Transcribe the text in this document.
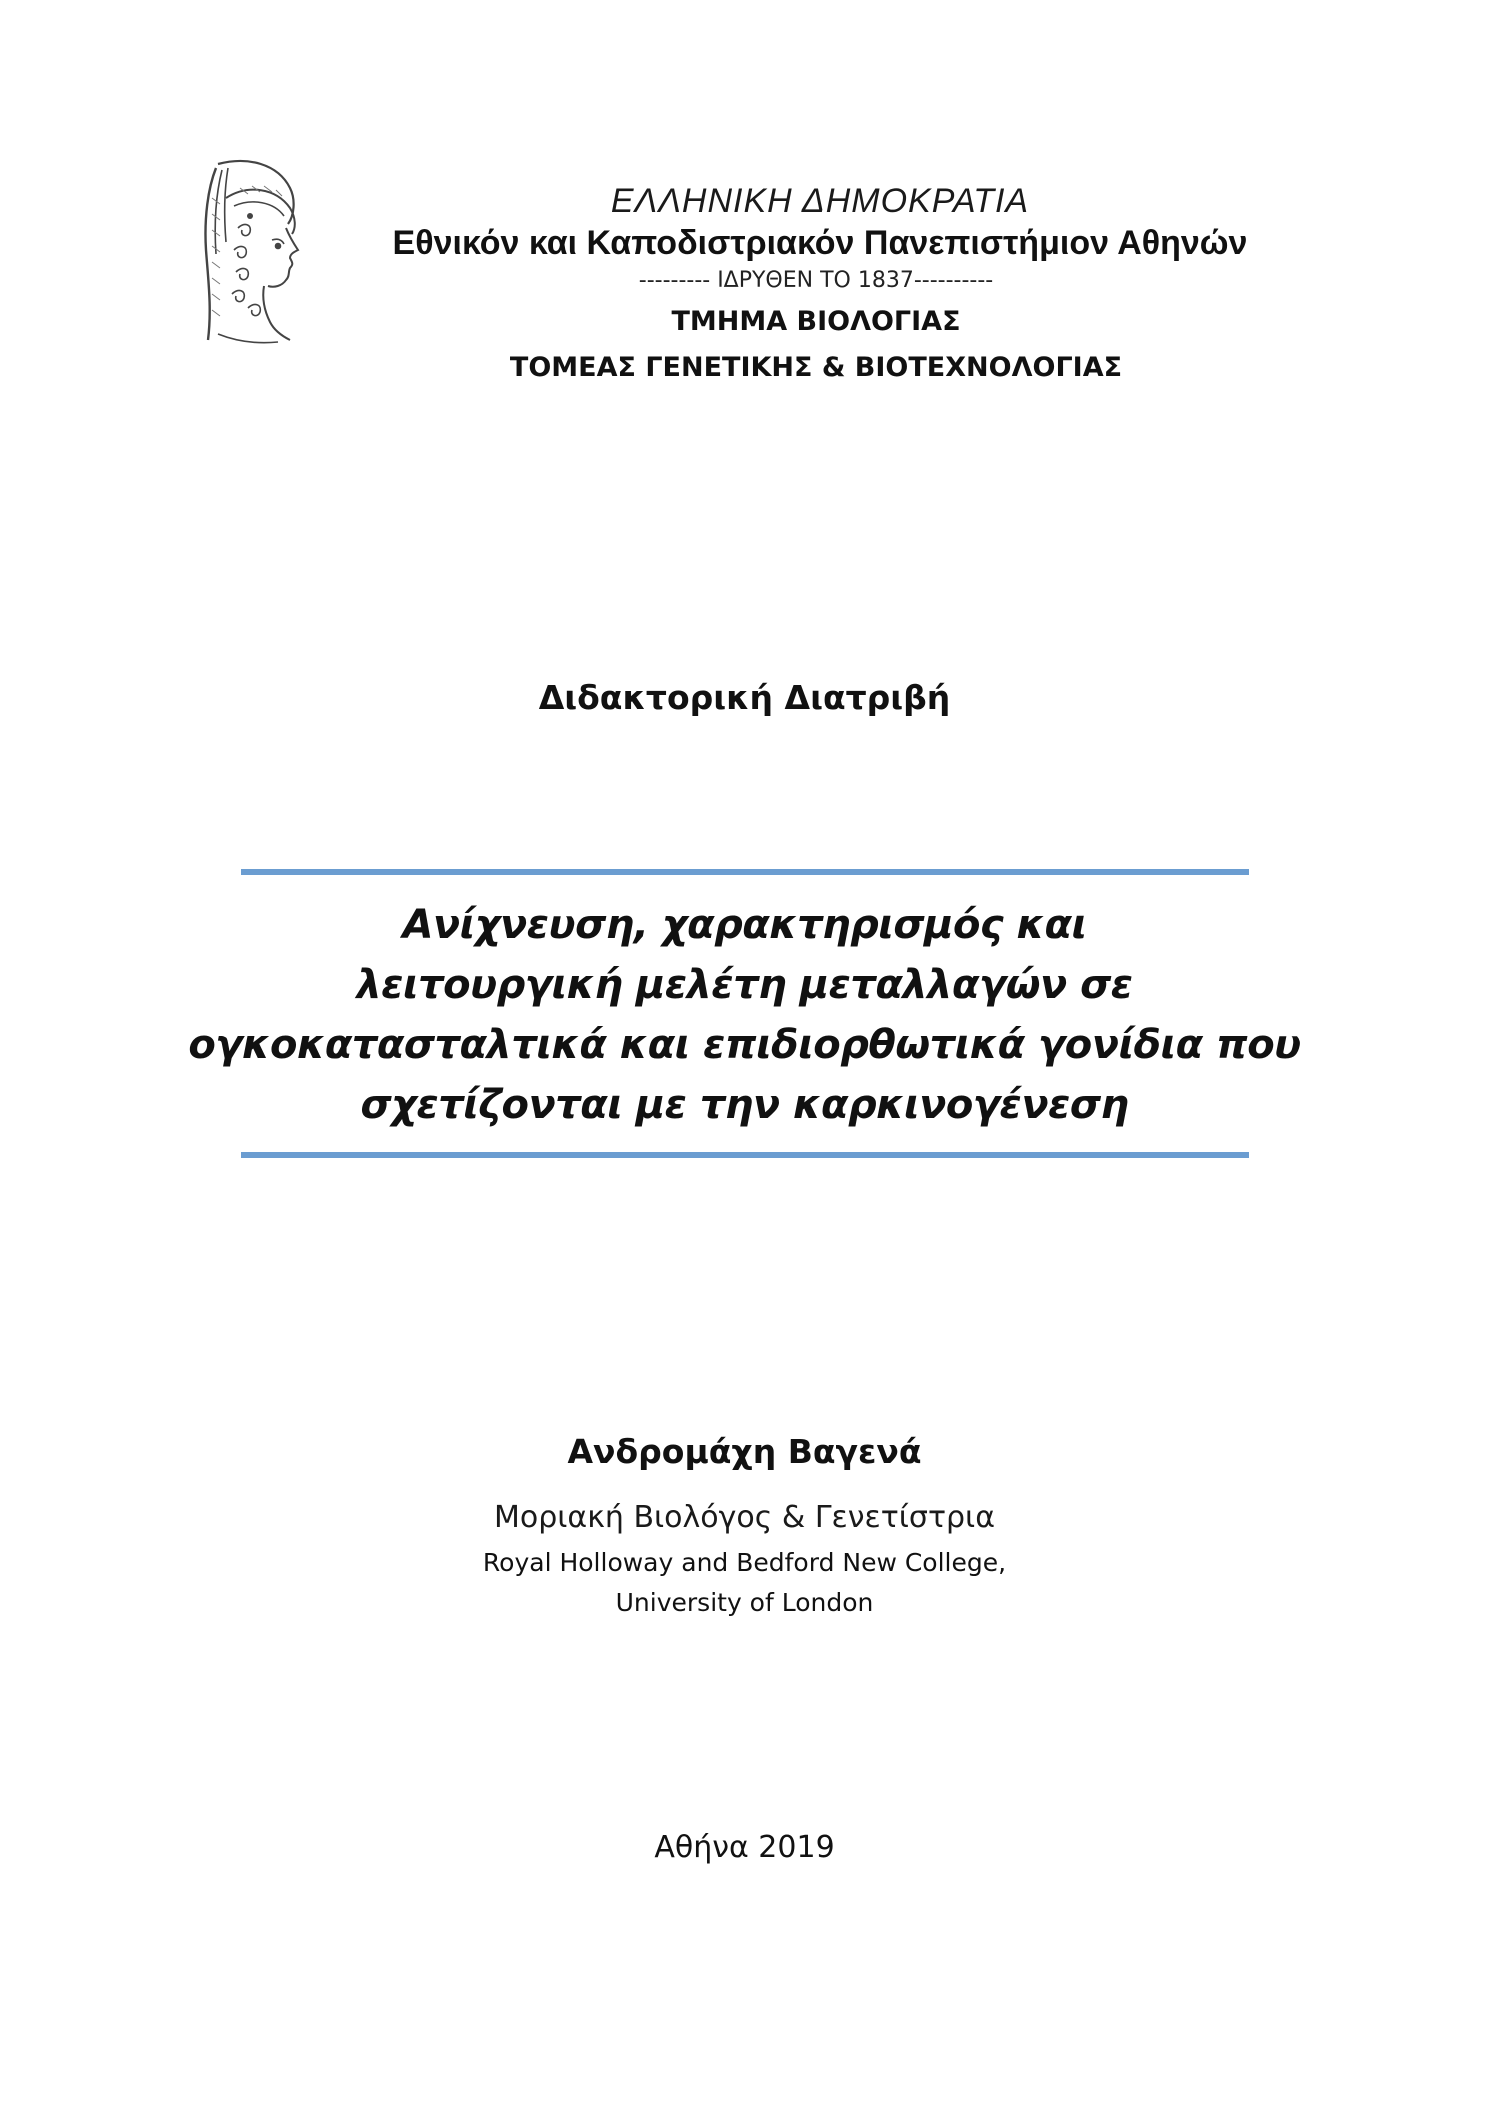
ΕΛΛΗΝΙΚΗ ΔΗΜΟΚΡΑΤΙΑ
Εθνικόν και Καποδιστριακόν Πανεπιστήμιον Αθηνών
--------- ΙΔΡΥΘΕΝ ΤΟ 1837----------
ΤΜΗΜΑ ΒΙΟΛΟΓΙΑΣ
ΤΟΜΕΑΣ ΓΕΝΕΤΙΚΗΣ & ΒΙΟΤΕΧΝΟΛΟΓΙΑΣ
Διδακτορική Διατριβή
Ανίχνευση, χαρακτηρισμός και
λειτουργική μελέτη μεταλλαγών σε
ογκοκατασταλτικά και επιδιορθωτικά γονίδια που
σχετίζονται με την καρκινογένεση
Ανδρομάχη Βαγενά
Μοριακή Βιολόγος & Γενετίστρια
Royal Holloway and Bedford New College,
University of London
Αθήνα 2019
